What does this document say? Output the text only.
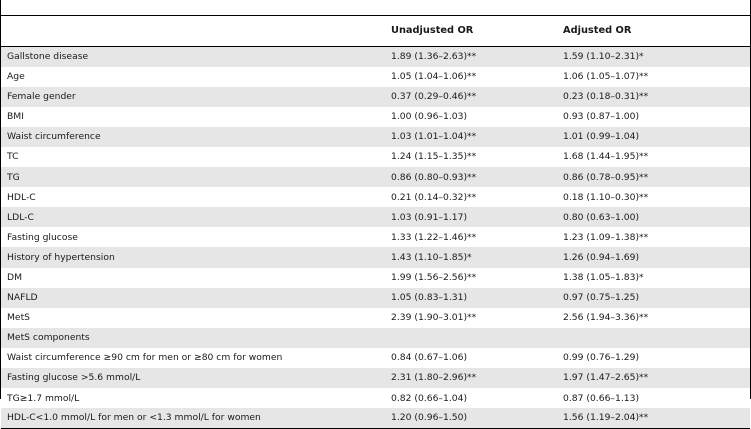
	Unadjusted OR	Adjusted OR
Gallstone disease	1.89 (1.36–2.63)**	1.59 (1.10–2.31)*
Age	1.05 (1.04–1.06)**	1.06 (1.05–1.07)**
Female gender	0.37 (0.29–0.46)**	0.23 (0.18–0.31)**
BMI	1.00 (0.96–1.03)	0.93 (0.87–1.00)
Waist circumference	1.03 (1.01–1.04)**	1.01 (0.99–1.04)
TC	1.24 (1.15–1.35)**	1.68 (1.44–1.95)**
TG	0.86 (0.80–0.93)**	0.86 (0.78–0.95)**
HDL-C	0.21 (0.14–0.32)**	0.18 (1.10–0.30)**
LDL-C	1.03 (0.91–1.17)	0.80 (0.63–1.00)
Fasting glucose	1.33 (1.22–1.46)**	1.23 (1.09–1.38)**
History of hypertension	1.43 (1.10–1.85)*	1.26 (0.94–1.69)
DM	1.99 (1.56–2.56)**	1.38 (1.05–1.83)*
NAFLD	1.05 (0.83–1.31)	0.97 (0.75–1.25)
MetS	2.39 (1.90–3.01)**	2.56 (1.94–3.36)**
MetS components		
Waist circumference ≥90 cm for men or ≥80 cm for women	0.84 (0.67–1.06)	0.99 (0.76–1.29)
Fasting glucose >5.6 mmol/L	2.31 (1.80–2.96)**	1.97 (1.47–2.65)**
TG≥1.7 mmol/L	0.82 (0.66–1.04)	0.87 (0.66–1.13)
HDL-C<1.0 mmol/L for men or <1.3 mmol/L for women	1.20 (0.96–1.50)	1.56 (1.19–2.04)**
